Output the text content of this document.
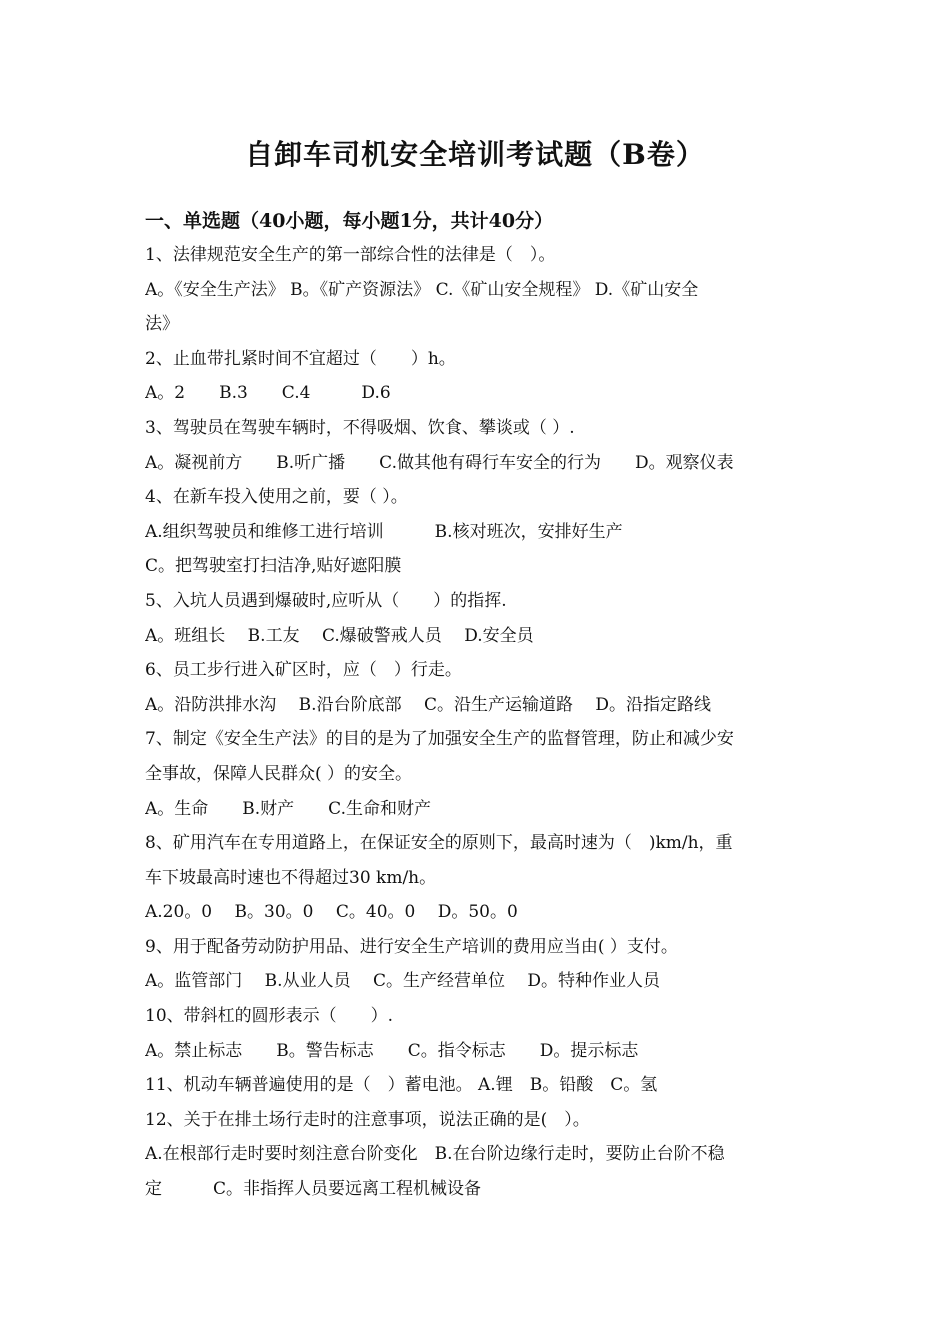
自卸车司机安全培训考试题（B卷）
一、单选题（40小题，每小题1分，共计40分）
1、法律规范安全生产的第一部综合性的法律是（　）。
A。《安全生产法》 B。《矿产资源法》 C.《矿山安全规程》 D.《矿山安全
法》
2、止血带扎紧时间不宜超过（　　）h。
A。2　　B.3　　C.4　　　D.6
3、驾驶员在驾驶车辆时，不得吸烟、饮食、攀谈或（ ）.
A。凝视前方　　B.听广播　　C.做其他有碍行车安全的行为　　D。观察仪表
4、在新车投入使用之前，要（ ）。
A.组织驾驶员和维修工进行培训　　　B.核对班次，安排好生产
C。把驾驶室打扫洁净,贴好遮阳膜
5、入坑人员遇到爆破时,应听从（　　）的指挥.
A。班组长　 B.工友　 C.爆破警戒人员　 D.安全员
6、员工步行进入矿区时，应（　）行走。
A。沿防洪排水沟　 B.沿台阶底部　 C。沿生产运输道路　 D。沿指定路线
7、制定《安全生产法》的目的是为了加强安全生产的监督管理，防止和减少安
全事故，保障人民群众( ）的安全。
A。生命　　B.财产　　C.生命和财产
8、矿用汽车在专用道路上，在保证安全的原则下，最高时速为（　)km/h，重
车下坡最高时速也不得超过30 km/h。
A.20。0　 B。30。0　 C。40。0　 D。50。0
9、用于配备劳动防护用品、进行安全生产培训的费用应当由( ）支付。
A。监管部门　 B.从业人员　 C。生产经营单位　 D。特种作业人员
10、带斜杠的圆形表示（　　）.
A。禁止标志　　B。警告标志　　C。指令标志　　D。提示标志
11、机动车辆普遍使用的是（　）蓄电池。 A.锂　B。铅酸　C。氢
12、关于在排土场行走时的注意事项，说法正确的是(　）。
A.在根部行走时要时刻注意台阶变化　B.在台阶边缘行走时，要防止台阶不稳
定　　　C。非指挥人员要远离工程机械设备
